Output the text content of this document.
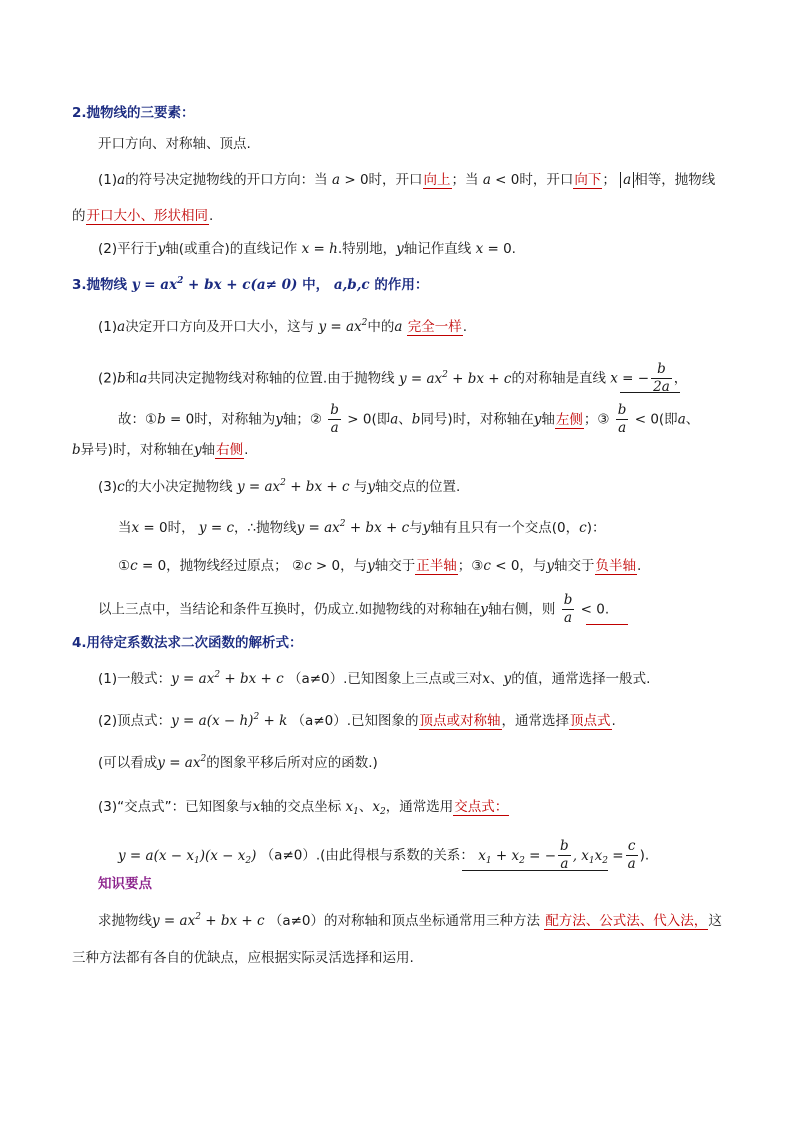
2.抛物线的三要素：
开口方向、对称轴、顶点.
(1)a的符号决定抛物线的开口方向：当 a > 0时，开口向上；当 a < 0时，开口向下； a 相等，抛物线
的开口大小、形状相同.
(2)平行于y轴(或重合)的直线记作 x = h.特别地，y轴记作直线 x = 0.
3.抛物线 $y = ax^2$ + bx + c(a≠ 0) 中， a,b,c 的作用：
(1)a决定开口方向及开口大小，这与 $y = ax^2$中的a 完全一样.
(2)b和a共同决定抛物线对称轴的位置.由于抛物线 $y = ax^2$ + bx + c的对称轴是直线 x = − $\frac{b}{2a}$ ，
故：①b = 0时，对称轴为y轴；② $\frac{b}{a} > 0$(即a、b同号)时，对称轴在y轴左侧；③ $\frac{b}{a} < 0$(即a、
b异号)时，对称轴在y轴右侧.
(3)c的大小决定抛物线 $y = ax^2$ + bx + c 与y轴交点的位置.
当x = 0时， y = c，∴抛物线$y = ax^2$ + bx + c与y轴有且只有一个交点(0，c)：
①c = 0，抛物线经过原点； ②c > 0，与y轴交于正半轴；③c < 0，与y轴交于负半轴.
以上三点中，当结论和条件互换时，仍成立.如抛物线的对称轴在y轴右侧，则 $\frac{b}{a} < 0$.
4.用待定系数法求二次函数的解析式：
(1)一般式：$y = ax^2$ + bx + c （a≠0）.已知图象上三点或三对x、y的值，通常选择一般式.
(2)顶点式：$y = a(x - h)^2 + k$ （a≠0）.已知图象的顶点或对称轴，通常选择顶点式.
(可以看成$y = ax^2$的图象平移后所对应的函数.)
(3)“交点式”：已知图象与x轴的交点坐标 $x_1$、$x_2$，通常选用交点式：
$y = a(x - x_1)(x - x_2)$ （a≠0）.(由此得根与系数的关系： $x_1 + x_2$ = − $\frac{b}{a}$ , $x_1x_2 = \frac{c}{a}$ ).
知识要点
求抛物线$y = ax^2$ + bx + c （a≠0）的对称轴和顶点坐标通常用三种方法 配方法、公式法、代入法，这
三种方法都有各自的优缺点，应根据实际灵活选择和运用.
